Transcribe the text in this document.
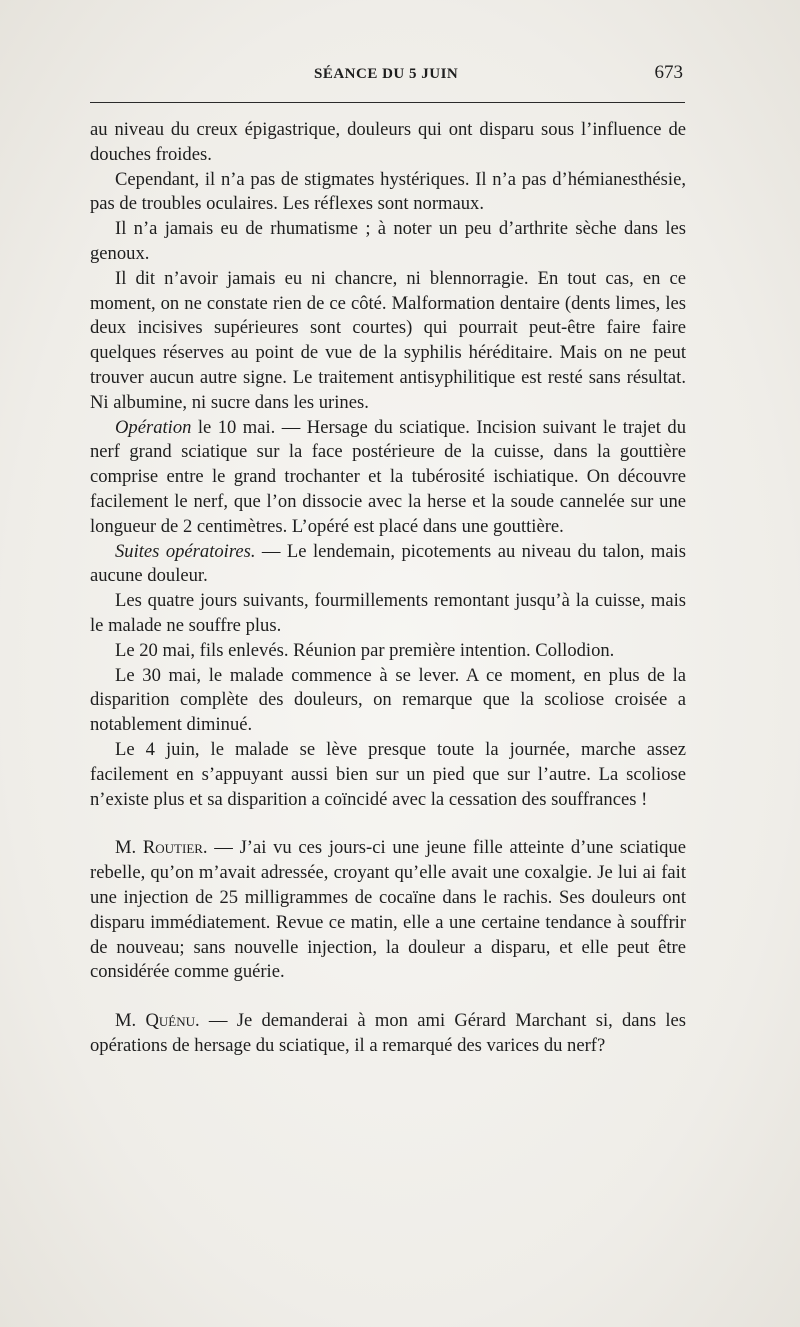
SÉANCE DU 5 JUIN	673

au niveau du creux épigastrique, douleurs qui ont disparu sous l’influence de douches froides.

Cependant, il n’a pas de stigmates hystériques. Il n’a pas d’hémianesthésie, pas de troubles oculaires. Les réflexes sont normaux.

Il n’a jamais eu de rhumatisme ; à noter un peu d’arthrite sèche dans les genoux.

Il dit n’avoir jamais eu ni chancre, ni blennorragie. En tout cas, en ce moment, on ne constate rien de ce côté. Malformation dentaire (dents limes, les deux incisives supérieures sont courtes) qui pourrait peut-être faire faire quelques réserves au point de vue de la syphilis héréditaire. Mais on ne peut trouver aucun autre signe. Le traitement antisyphilitique est resté sans résultat. Ni albumine, ni sucre dans les urines.

Opération le 10 mai. — Hersage du sciatique. Incision suivant le trajet du nerf grand sciatique sur la face postérieure de la cuisse, dans la gouttière comprise entre le grand trochanter et la tubérosité ischiatique. On découvre facilement le nerf, que l’on dissocie avec la herse et la soude cannelée sur une longueur de 2 centimètres. L’opéré est placé dans une gouttière.

Suites opératoires. — Le lendemain, picotements au niveau du talon, mais aucune douleur.

Les quatre jours suivants, fourmillements remontant jusqu’à la cuisse, mais le malade ne souffre plus.

Le 20 mai, fils enlevés. Réunion par première intention. Collodion.

Le 30 mai, le malade commence à se lever. A ce moment, en plus de la disparition complète des douleurs, on remarque que la scoliose croisée a notablement diminué.

Le 4 juin, le malade se lève presque toute la journée, marche assez facilement en s’appuyant aussi bien sur un pied que sur l’autre. La scoliose n’existe plus et sa disparition a coïncidé avec la cessation des souffrances !

M. Routier. — J’ai vu ces jours-ci une jeune fille atteinte d’une sciatique rebelle, qu’on m’avait adressée, croyant qu’elle avait une coxalgie. Je lui ai fait une injection de 25 milligrammes de cocaïne dans le rachis. Ses douleurs ont disparu immédiatement. Revue ce matin, elle a une certaine tendance à souffrir de nouveau; sans nouvelle injection, la douleur a disparu, et elle peut être considérée comme guérie.

M. Quénu. — Je demanderai à mon ami Gérard Marchant si, dans les opérations de hersage du sciatique, il a remarqué des varices du nerf?
